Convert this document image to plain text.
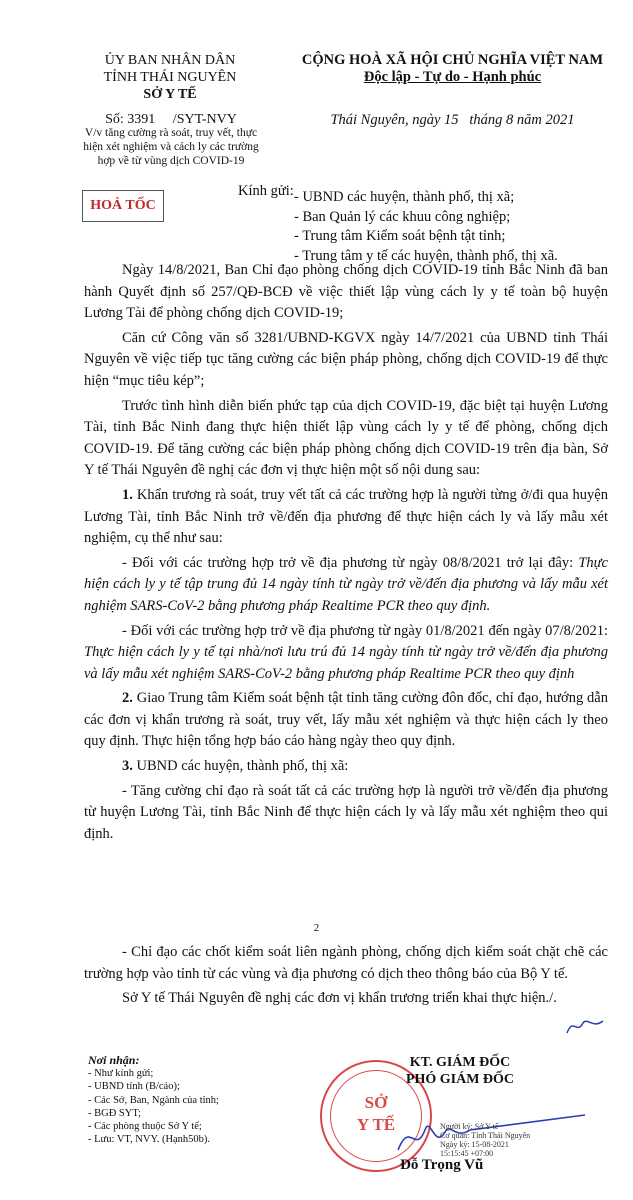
ỦY BAN NHÂN DÂN
TỈNH THÁI NGUYÊN
SỞ Y TẾ
CỘNG HOÀ XÃ HỘI CHỦ NGHĨA VIỆT NAM
Độc lập - Tự do - Hạnh phúc
Số: 3391     /SYT-NVY
V/v tăng cường rà soát, truy vết, thực hiện xét nghiệm và cách ly các trường hợp về từ vùng dịch COVID-19
Thái Nguyên, ngày 15   tháng 8 năm 2021
HOẢ TỐC
Kính gửi: - UBND các huyện, thành phố, thị xã;
- Ban Quản lý các khuu công nghiệp;
- Trung tâm Kiểm soát bệnh tật tỉnh;
- Trung tâm y tế các huyện, thành phố, thị xã.

Ngày 14/8/2021, Ban Chỉ đạo phòng chống dịch COVID-19 tỉnh Bắc Ninh đã ban hành Quyết định số 257/QĐ-BCĐ về việc thiết lập vùng cách ly y tế toàn bộ huyện Lương Tài để phòng chống dịch COVID-19;

Căn cứ Công văn số 3281/UBND-KGVX ngày 14/7/2021 của UBND tỉnh Thái Nguyên về việc tiếp tục tăng cường các biện pháp phòng, chống dịch COVID-19 để thực hiện “mục tiêu kép”;

Trước tình hình diễn biến phức tạp của dịch COVID-19, đặc biệt tại huyện Lương Tài, tỉnh Bắc Ninh đang thực hiện thiết lập vùng cách ly y tế để phòng, chống dịch COVID-19. Để tăng cường các biện pháp phòng chống dịch COVID-19 trên địa bàn, Sở Y tế Thái Nguyên đề nghị các đơn vị thực hiện một số nội dung sau:

1. Khẩn trương rà soát, truy vết tất cả các trường hợp là người từng ở/đi qua huyện Lương Tài, tỉnh Bắc Ninh trở về/đến địa phương để thực hiện cách ly và lấy mẫu xét nghiệm, cụ thể như sau:

- Đối với các trường hợp trở về địa phương từ ngày 08/8/2021 trở lại đây: Thực hiện cách ly y tế tập trung đủ 14 ngày tính từ ngày trở về/đến địa phương và lấy mẫu xét nghiệm SARS-CoV-2 bằng phương pháp Realtime PCR theo quy định.

- Đối với các trường hợp trở về địa phương từ ngày 01/8/2021 đến ngày 07/8/2021: Thực hiện cách ly y tế tại nhà/nơi lưu trú đủ 14 ngày tính từ ngày trở về/đến địa phương và lấy mẫu xét nghiệm SARS-CoV-2 bằng phương pháp Realtime PCR theo quy định

2. Giao Trung tâm Kiểm soát bệnh tật tỉnh tăng cường đôn đốc, chỉ đạo, hướng dẫn các đơn vị khẩn trương rà soát, truy vết, lấy mẫu xét nghiệm và thực hiện cách ly theo quy định. Thực hiện tổng hợp báo cáo hàng ngày theo quy định.

3. UBND các huyện, thành phố, thị xã:

- Tăng cường chỉ đạo rà soát tất cả các trường hợp là người trở về/đến địa phương từ huyện Lương Tài, tỉnh Bắc Ninh để thực hiện cách ly và lấy mẫu xét nghiệm theo qui định.

2

- Chỉ đạo các chốt kiểm soát liên ngành phòng, chống dịch kiểm soát chặt chẽ các trường hợp vào tỉnh từ các vùng và địa phương có dịch theo thông báo của Bộ Y tế.

Sở Y tế Thái Nguyên đề nghị các đơn vị khẩn trương triển khai thực hiện./.

Nơi nhận:
- Như kính gửi;
- UBND tỉnh (B/cáo);
- Các Sở, Ban, Ngành của tỉnh;
- BGĐ SYT;
- Các phòng thuộc Sở Y tế;
- Lưu: VT, NVY. (Hạnh50b).
SỞ
Y TẾ
KT. GIÁM ĐỐC
PHÓ GIÁM ĐỐC
Người ký: Sở Y tế
Cơ quan: Tỉnh Thái Nguyên
Ngày ký: 15-08-2021
15:15:45 +07:00
Đỗ Trọng Vũ
